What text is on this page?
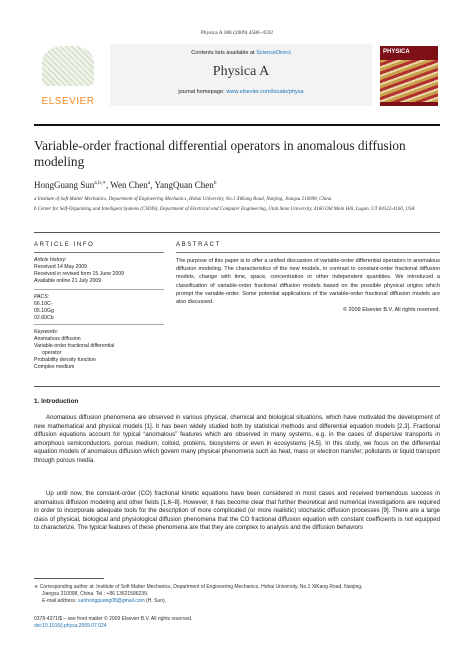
Physica A 388 (2009) 4586–4592
ELSEVIER
Contents lists available at ScienceDirect
Physica A
journal homepage: www.elsevier.com/locate/physa
PHYSICA
Variable-order fractional differential operators in anomalous diffusion modeling
HongGuang Sun$^{a,b,∗}$, Wen Chen$^a$, YangQuan Chen$^b$
a Institute of Soft Matter Mechanics, Department of Engineering Mechanics, Hohai University, No.1 XiKang Road, Nanjing, Jiangsu 210098, China
b Center for Self-Organizing and Intelligent Systems (CSOIS), Department of Electrical and Computer Engineering, Utah State University, 4160 Old Main Hill, Logan, UT 84322-4160, USA
ARTICLE INFO
Article history:
Received 14 May 2009
Received in revised form 15 June 2009
Available online 21 July 2009
PACS:
66.10C-
05.10Gg
02.60Cb
Keywords:
Anomalous diffusion
Variable-order fractional differential
operator
Probability density function
Complex medium
ABSTRACT
The purpose of this paper is to offer a unified discussion of variable-order differential operators in anomalous diffusion modeling. The characteristics of the new models, in contrast to constant-order fractional diffusion models, change with time, space, concentration or other independent quantities. We introduced a classification of variable-order fractional diffusion models based on the possible physical origins which prompt the variable-order. Some potential applications of the variable-order fractional diffusion models are also discussed.
© 2009 Elsevier B.V. All rights reserved.
1. Introduction
Anomalous diffusion phenomena are observed in various physical, chemical and biological situations, which have motivated the development of new mathematical and physical models [1]. It has been widely studied both by statistical methods and differential equation models [2,3]. Fractional diffusion equations account for typical “anomalous” features which are observed in many systems, e.g. in the cases of dispersive transports in amorphous semiconductors, porous medium, colloid, proteins, biosystems or even in ecosystems [4,5]. In this study, we focus on the differential equation models of anomalous diffusion which govern many physical phenomena such as heat, mass or electron transfer; pollutants or liquid transport through porous media.
Up until now, the constant-order (CO) fractional kinetic equations have been considered in most cases and received tremendous success in anomalous diffusion modeling and other fields [1,6–8]. However, it has become clear that further theoretical and numerical investigations are required in order to incorporate adequate tools for the description of more complicated (or more realistic) stochastic diffusion processes [9]. There are a large class of physical, biological and physiological diffusion phenomena that the CO fractional diffusion equation with constant coefficients is not equipped to characterize. The typical features of these phenomena are that they are complex to analysis and the diffusion behaviors
∗ Corresponding author at: Institute of Soft Matter Mechanics, Department of Engineering Mechanics, Hohai University, No.1 XiKang Road, Nanjing,
Jiangsu 210098, China. Tel.: +86 13621586239.
E-mail address: sunhongguang08@gmail.com (H. Sun).
0378-4371/$ – see front matter © 2009 Elsevier B.V. All rights reserved.
doi:10.1016/j.physa.2009.07.024
